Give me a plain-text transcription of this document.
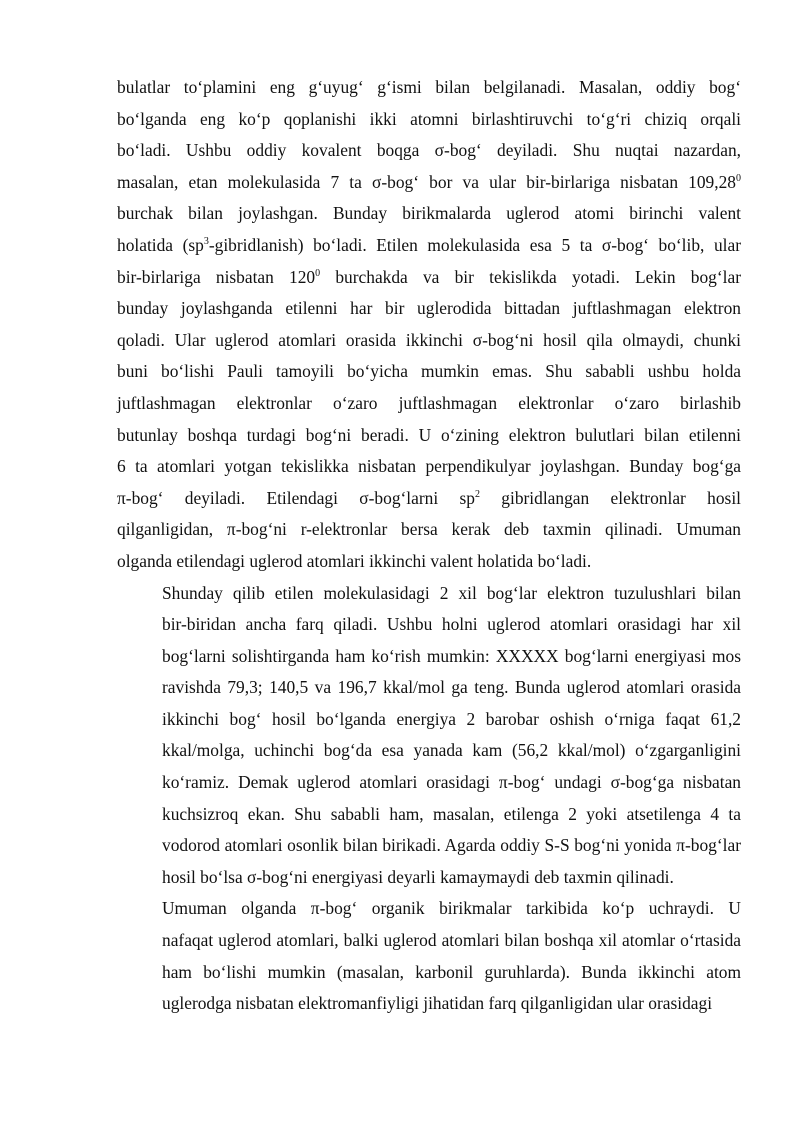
bulatlar to‘plamini eng g‘uyug‘ g‘ismi bilan belgilanadi. Masalan, oddiy bog‘
bo‘lganda eng ko‘p qoplanishi ikki atomni birlashtiruvchi to‘g‘ri chiziq orqali
bo‘ladi. Ushbu oddiy kovalent boqga σ-bog‘ deyiladi. Shu nuqtai nazardan,
masalan, etan molekulasida 7 ta σ-bog‘ bor va ular bir-birlariga nisbatan 109,28$^0$
burchak bilan joylashgan. Bunday birikmalarda uglerod atomi birinchi valent
holatida $(sp^3-gibridlanish)$ bo‘ladi. Etilen molekulasida esa 5 ta σ-bog‘ bo‘lib, ular
bir-birlariga nisbatan $120^0$ burchakda va bir tekislikda yotadi. Lekin bog‘lar
bunday joylashganda etilenni har bir uglerodida bittadan juftlashmagan elektron
qoladi. Ular uglerod atomlari orasida ikkinchi σ-bog‘ni hosil qila olmaydi, chunki
buni bo‘lishi Pauli tamoyili bo‘yicha mumkin emas. Shu sababli ushbu holda
juftlashmagan elektronlar o‘zaro juftlashmagan elektronlar o‘zaro birlashib
butunlay boshqa turdagi bog‘ni beradi. U o‘zining elektron bulutlari bilan etilenni
6 ta atomlari yotgan tekislikka nisbatan perpendikulyar joylashgan. Bunday bog‘ga
π-bog‘ deyiladi. Etilendagi σ-bog‘larni $sp^2$ gibridlangan elektronlar hosil
qilganligidan, π-bog‘ni r-elektronlar bersa kerak deb taxmin qilinadi. Umuman
olganda etilendagi uglerod atomlari ikkinchi valent holatida bo‘ladi.

Shunday qilib etilen molekulasidagi 2 xil bog‘lar elektron tuzulushlari bilan
bir-biridan ancha farq qiladi. Ushbu holni uglerod atomlari orasidagi har xil
bog‘larni solishtirganda ham ko‘rish mumkin: XXXXX bog‘larni energiyasi mos
ravishda 79,3; 140,5 va 196,7 kkal/mol ga teng. Bunda uglerod atomlari orasida
ikkinchi bog‘ hosil bo‘lganda energiya 2 barobar oshish o‘rniga faqat 61,2
kkal/molga, uchinchi bog‘da esa yanada kam (56,2 kkal/mol) o‘zgarganligini
ko‘ramiz. Demak uglerod atomlari orasidagi π-bog‘ undagi σ-bog‘ga nisbatan
kuchsizroq ekan. Shu sababli ham, masalan, etilenga 2 yoki atsetilenga 4 ta
vodorod atomlari osonlik bilan birikadi. Agarda oddiy S-S bog‘ni yonida π-bog‘lar
hosil bo‘lsa σ-bog‘ni energiyasi deyarli kamaymaydi deb taxmin qilinadi.

Umuman olganda π-bog‘ organik birikmalar tarkibida ko‘p uchraydi. U
nafaqat uglerod atomlari, balki uglerod atomlari bilan boshqa xil atomlar o‘rtasida
ham bo‘lishi mumkin (masalan, karbonil guruhlarda). Bunda ikkinchi atom
uglerodga nisbatan elektromanfiyligi jihatidan farq qilganligidan ular orasidagi
